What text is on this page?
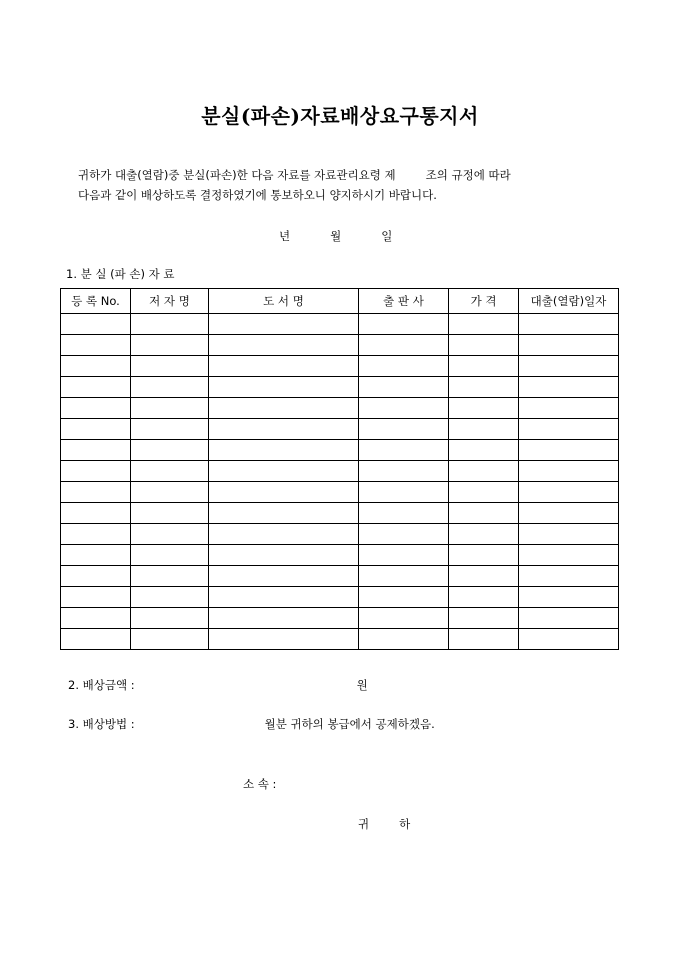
분실(파손)자료배상요구통지서
귀하가 대출(열람)중 분실(파손)한 다음 자료를 자료관리요령 제	조의 규정에 따라
다음과 같이 배상하도록 결정하였기에 통보하오니 양지하시기 바랍니다.
년	월	일
1. 분 실 (파 손) 자 료
등 록 No.	저 자 명	도 서 명	출 판 사	가 격	대출(열람)일자

2. 배상금액 :	원
3. 배상방법 :	월분 귀하의 봉급에서 공제하겠음.
소 속 :
귀	하
